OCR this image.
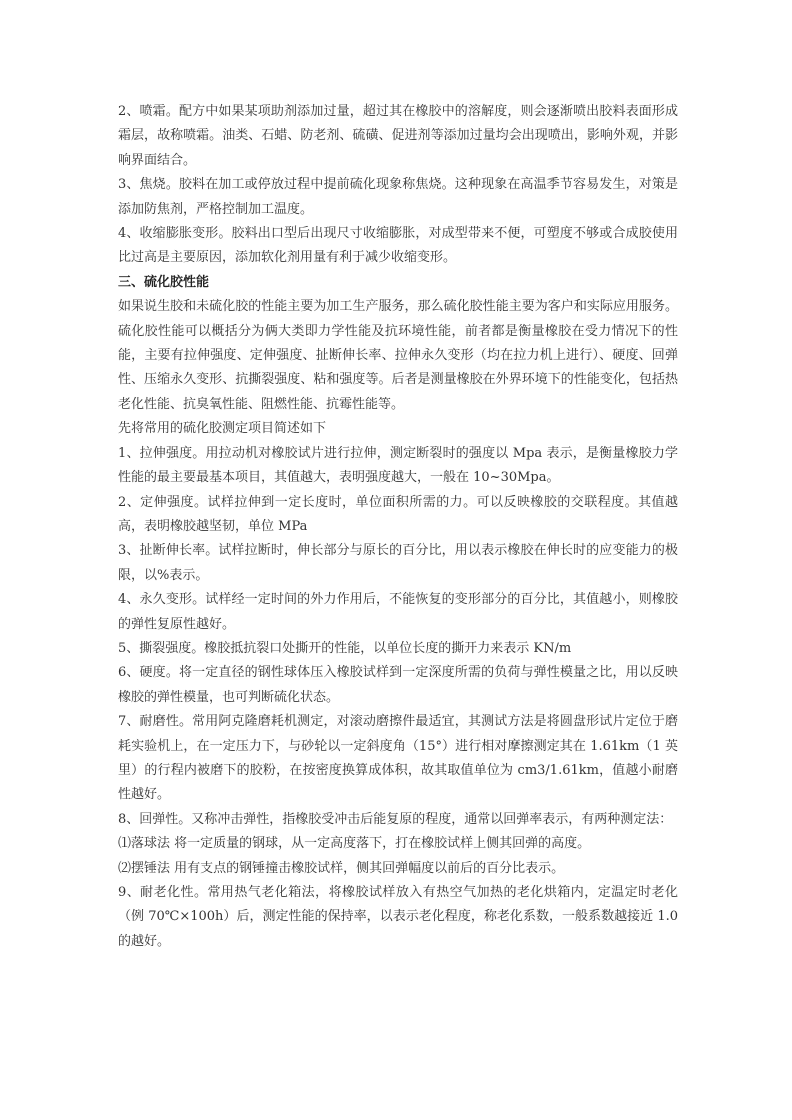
2、喷霜。配方中如果某项助剂添加过量，超过其在橡胶中的溶解度，则会逐渐喷出胶料表面形成霜层，故称喷霜。油类、石蜡、防老剂、硫磺、促进剂等添加过量均会出现喷出，影响外观，并影响界面结合。

3、焦烧。胶料在加工或停放过程中提前硫化现象称焦烧。这种现象在高温季节容易发生，对策是添加防焦剂，严格控制加工温度。

4、收缩膨胀变形。胶料出口型后出现尺寸收缩膨胀，对成型带来不便，可塑度不够或合成胶使用比过高是主要原因，添加软化剂用量有利于减少收缩变形。

三、硫化胶性能

如果说生胶和未硫化胶的性能主要为加工生产服务，那么硫化胶性能主要为客户和实际应用服务。硫化胶性能可以概括分为俩大类即力学性能及抗环境性能，前者都是衡量橡胶在受力情况下的性能，主要有拉伸强度、定伸强度、扯断伸长率、拉伸永久变形（均在拉力机上进行）、硬度、回弹性、压缩永久变形、抗撕裂强度、粘和强度等。后者是测量橡胶在外界环境下的性能变化，包括热老化性能、抗臭氧性能、阻燃性能、抗霉性能等。

先将常用的硫化胶测定项目简述如下

1、拉伸强度。用拉动机对橡胶试片进行拉伸，测定断裂时的强度以 Mpa 表示，是衡量橡胶力学性能的最主要最基本项目，其值越大，表明强度越大，一般在 10~30Mpa。

2、定伸强度。试样拉伸到一定长度时，单位面积所需的力。可以反映橡胶的交联程度。其值越高，表明橡胶越坚韧，单位 MPa

3、扯断伸长率。试样拉断时，伸长部分与原长的百分比，用以表示橡胶在伸长时的应变能力的极限，以%表示。

4、永久变形。试样经一定时间的外力作用后，不能恢复的变形部分的百分比，其值越小，则橡胶的弹性复原性越好。

5、撕裂强度。橡胶抵抗裂口处撕开的性能，以单位长度的撕开力来表示 KN/m

6、硬度。将一定直径的钢性球体压入橡胶试样到一定深度所需的负荷与弹性模量之比，用以反映橡胶的弹性模量，也可判断硫化状态。

7、耐磨性。常用阿克隆磨耗机测定，对滚动磨擦件最适宜，其测试方法是将圆盘形试片定位于磨耗实验机上，在一定压力下，与砂轮以一定斜度角（15°）进行相对摩擦测定其在 1.61km（1 英里）的行程内被磨下的胶粉，在按密度换算成体积，故其取值单位为 cm3/1.61km，值越小耐磨性越好。

8、回弹性。又称冲击弹性，指橡胶受冲击后能复原的程度，通常以回弹率表示，有两种测定法：

⑴落球法 将一定质量的钢球，从一定高度落下，打在橡胶试样上侧其回弹的高度。

⑵摆锤法 用有支点的钢锤撞击橡胶试样，侧其回弹幅度以前后的百分比表示。

9、耐老化性。常用热气老化箱法，将橡胶试样放入有热空气加热的老化烘箱内，定温定时老化（例 70℃×100h）后，测定性能的保持率，以表示老化程度，称老化系数，一般系数越接近 1.0 的越好。
